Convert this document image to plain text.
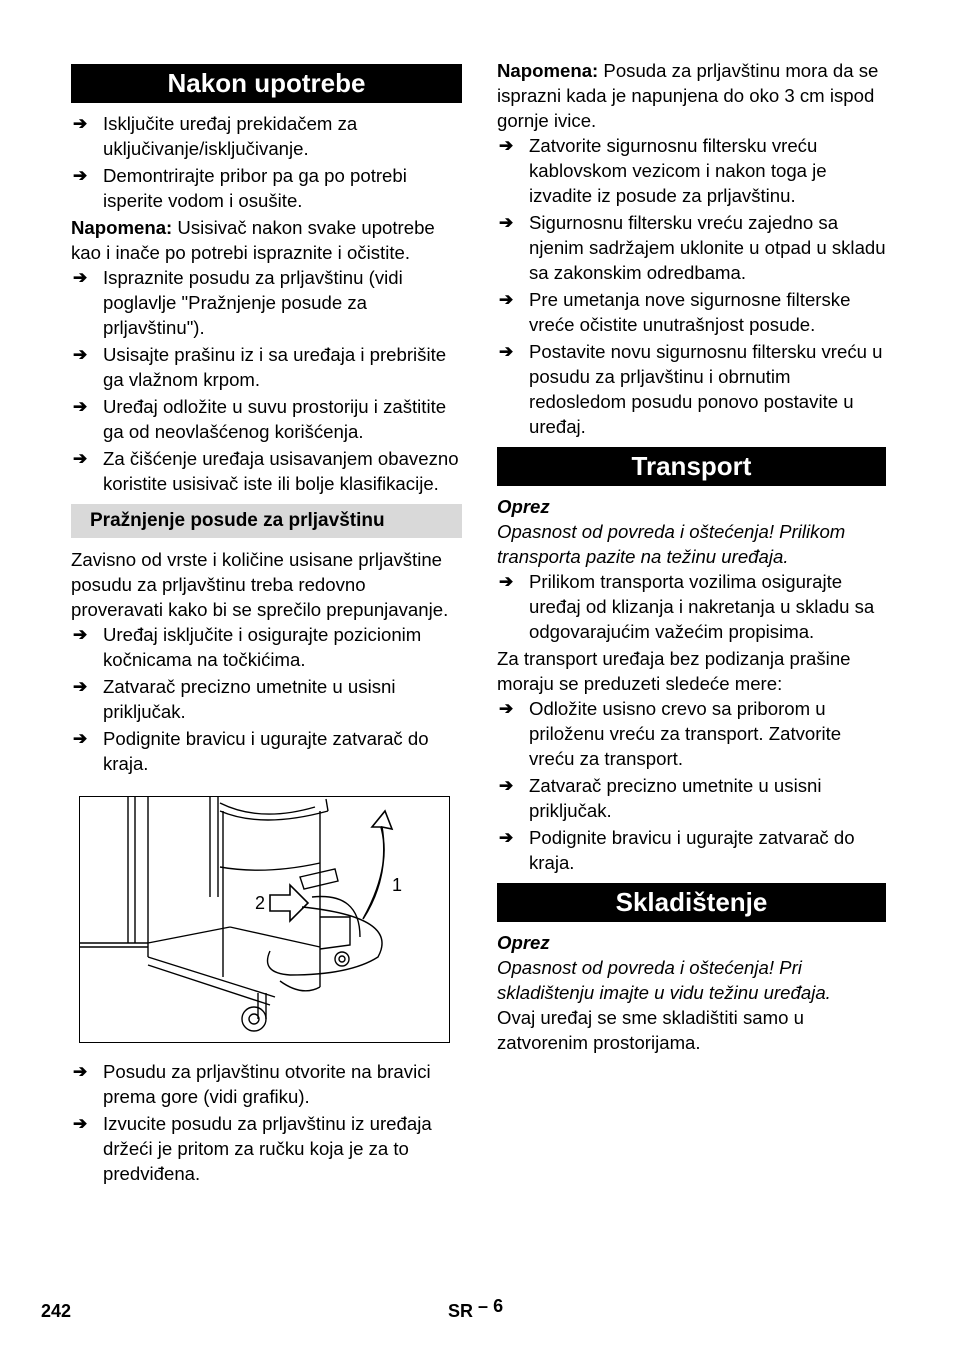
Nakon upotrebe
➔ Isključite uređaj prekidačem za uključivanje/isključivanje.
➔ Demontrirajte pribor pa ga po potrebi isperite vodom i osušite.

Napomena: Usisivač nakon svake upotrebe kao i inače po potrebi ispraznite i očistite.

➔ Ispraznite posudu za prljavštinu (vidi poglavlje "Pražnjenje posude za prljavštinu").
➔ Usisajte prašinu iz i sa uređaja i prebrišite ga vlažnom krpom.
➔ Uređaj odložite u suvu prostoriju i zaštitite ga od neovlašćenog korišćenja.
➔ Za čišćenje uređaja usisavanjem obavezno koristite usisivač iste ili bolje klasifikacije.
Pražnjenje posude za prljavštinu

Zavisno od vrste i količine usisane prljavštine posudu za prljavštinu treba redovno proveravati kako bi se sprečilo prepunjavanje.

➔ Uređaj isključite i osigurajte pozicionim kočnicama na točkićima.
➔ Zatvarač precizno umetnite u usisni priključak.
➔ Podignite bravicu i ugurajte zatvarač do kraja.
1
2
➔ Posudu za prljavštinu otvorite na bravici prema gore (vidi grafiku).
➔ Izvucite posudu za prljavštinu iz uređaja držeći je pritom za ručku koja je za to predviđena.

Napomena: Posuda za prljavštinu mora da se isprazni kada je napunjena do oko 3 cm ispod gornje ivice.

➔ Zatvorite sigurnosnu filtersku vreću kablovskom vezicom i nakon toga je izvadite iz posude za prljavštinu.
➔ Sigurnosnu filtersku vreću zajedno sa njenim sadržajem uklonite u otpad u skladu sa zakonskim odredbama.
➔ Pre umetanja nove sigurnosne filterske vreće očistite unutrašnjost posude.
➔ Postavite novu sigurnosnu filtersku vreću u posudu za prljavštinu i obrnutim redosledom posudu ponovo postavite u uređaj.
Transport

Oprez

Opasnost od povreda i oštećenja! Prilikom transporta pazite na težinu uređaja.

➔ Prilikom transporta vozilima osigurajte uređaj od klizanja i nakretanja u skladu sa odgovarajućim važećim propisima.

Za transport uređaja bez podizanja prašine moraju se preduzeti sledeće mere:

➔ Odložite usisno crevo sa priborom u priloženu vreću za transport. Zatvorite vreću za transport.
➔ Zatvarač precizno umetnite u usisni priključak.
➔ Podignite bravicu i ugurajte zatvarač do kraja.
Skladištenje

Oprez

Opasnost od povreda i oštećenja! Pri skladištenju imajte u vidu težinu uređaja.

Ovaj uređaj se sme skladištiti samo u zatvorenim prostorijama.

242	SR – 6
